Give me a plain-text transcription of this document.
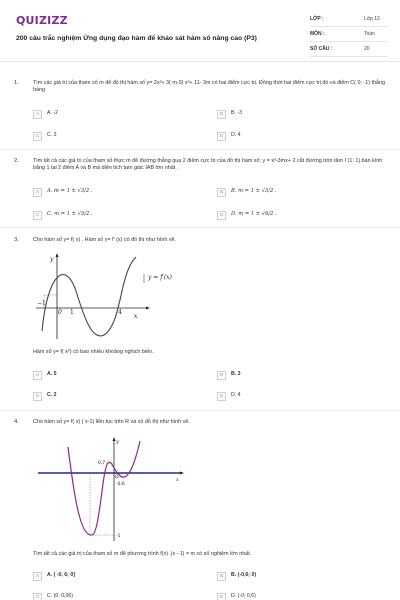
QUIZIZZ
200 câu trắc nghiệm Ứng dụng đạo hàm để khảo sát hàm số nâng cao (P3)
LỚP :	Lớp 12
MÔN :	Toán
SỐ CÂU :	20
1.	Tìm các giá trị của tham số m để đồ thị hàm số y= 2x³+ 3( m-3) x²+ 11- 3m có hai điểm cực trị. Đồng thời hai điểm cực trị đó và điểm C( 0; -1) thẳng hàng
A	A. -2	B	B. -3
C	C. 3	D	D. 4
2.	Tìm tất cả các giá trị của tham số thực m để đường thẳng qua 2 điểm cực trị của đồ thị hàm số: y = x³-3mx+ 2 cắt đường tròn tâm I (1; 1) bán kính bằng 1 tại 2 điểm A và B mà diện tích tam giác IAB lớn nhất .
A	A. m = 1 ± √3/2 .	B	B. m = 1 ± √3/2 .
C	C. m = 1 ± √5/2 .	D	D. m = 1 ± √6/2 .
3.	Cho hàm số y= f( x) . Hàm số y= f' (x) có đồ thị như hình vẽ.
y
x
−1
0 1	4
y = f′(x)
Hàm số y= f( x²) có bao nhiêu khoảng nghịch biến.
A	A. 5	B	B. 3
C	C. 2	D	D. 4
4.	Cho hàm số y= f( x) ( x-1) liên tục trên R và có đồ thị như hình vẽ.
y
x
0,7
-0,6
-1
O
Tìm tất cả các giá trị của tham số m để phương trình f(x) .|x - 1| = m có số nghiệm lớn nhất.
A	A. ( -0, 6; 0]	B	B. (-0,6; 0)
C	C. (0; 0,06)	D	D. (-0; 0,6)
